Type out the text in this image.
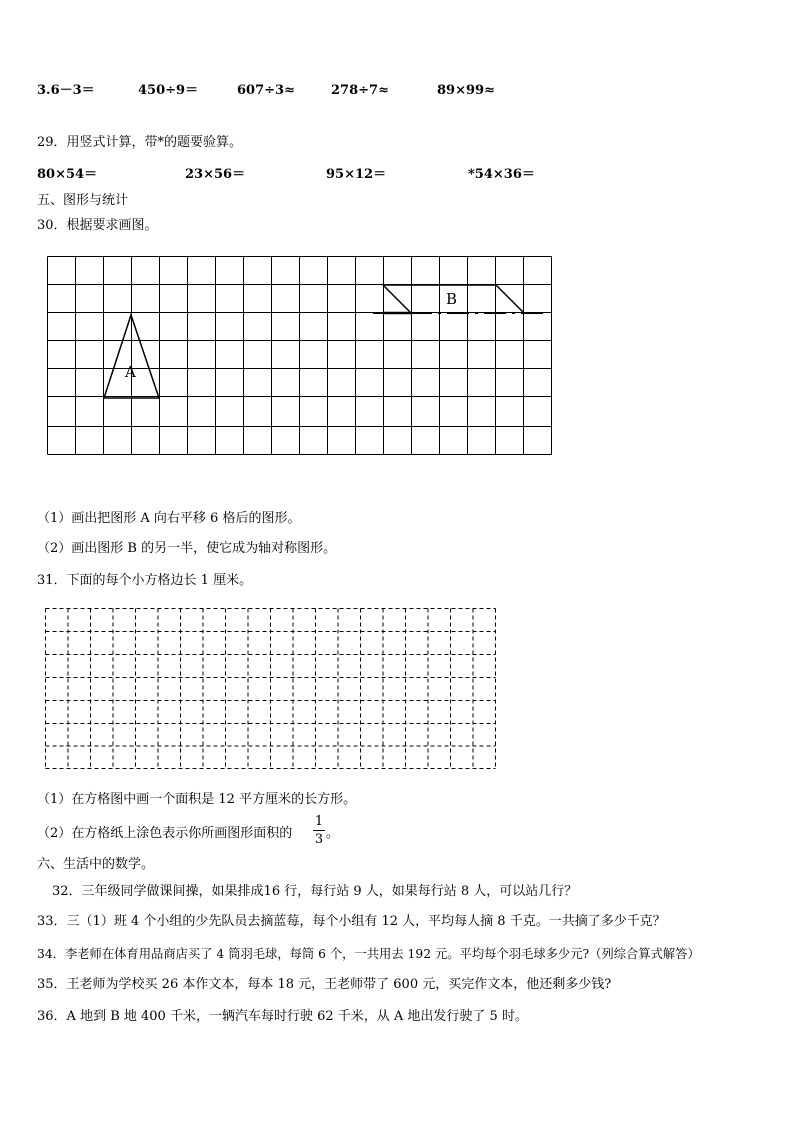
3.6－3＝	450÷9＝	607÷3≈	278÷7≈	89×99≈
29．用竖式计算，带*的题要验算。
80×54＝	23×56＝	95×12＝	*54×36＝
五、图形与统计
30．根据要求画图。
A
B
（1）画出把图形 A 向右平移 6 格后的图形。
（2）画出图形 B 的另一半，使它成为轴对称图形。
31．下面的每个小方格边长 1 厘米。
（1）在方格图中画一个面积是 12 平方厘米的长方形。
（2）在方格纸上涂色表示你所画图形面积的 $\frac{1}{3}$ 。
六、生活中的数学。
32．三年级同学做课间操，如果排成16 行，每行站 9 人，如果每行站 8 人，可以站几行？
33．三（1）班 4 个小组的少先队员去摘蓝莓，每个小组有 12 人，平均每人摘 8 千克。一共摘了多少千克？
34．李老师在体育用品商店买了 4 筒羽毛球，每筒 6 个，一共用去 192 元。平均每个羽毛球多少元?（列综合算式解答）
35．王老师为学校买 26 本作文本，每本 18 元，王老师带了 600 元，买完作文本，他还剩多少钱?
36．A 地到 B 地 400 千米，一辆汽车每时行驶 62 千米，从 A 地出发行驶了 5 时。
